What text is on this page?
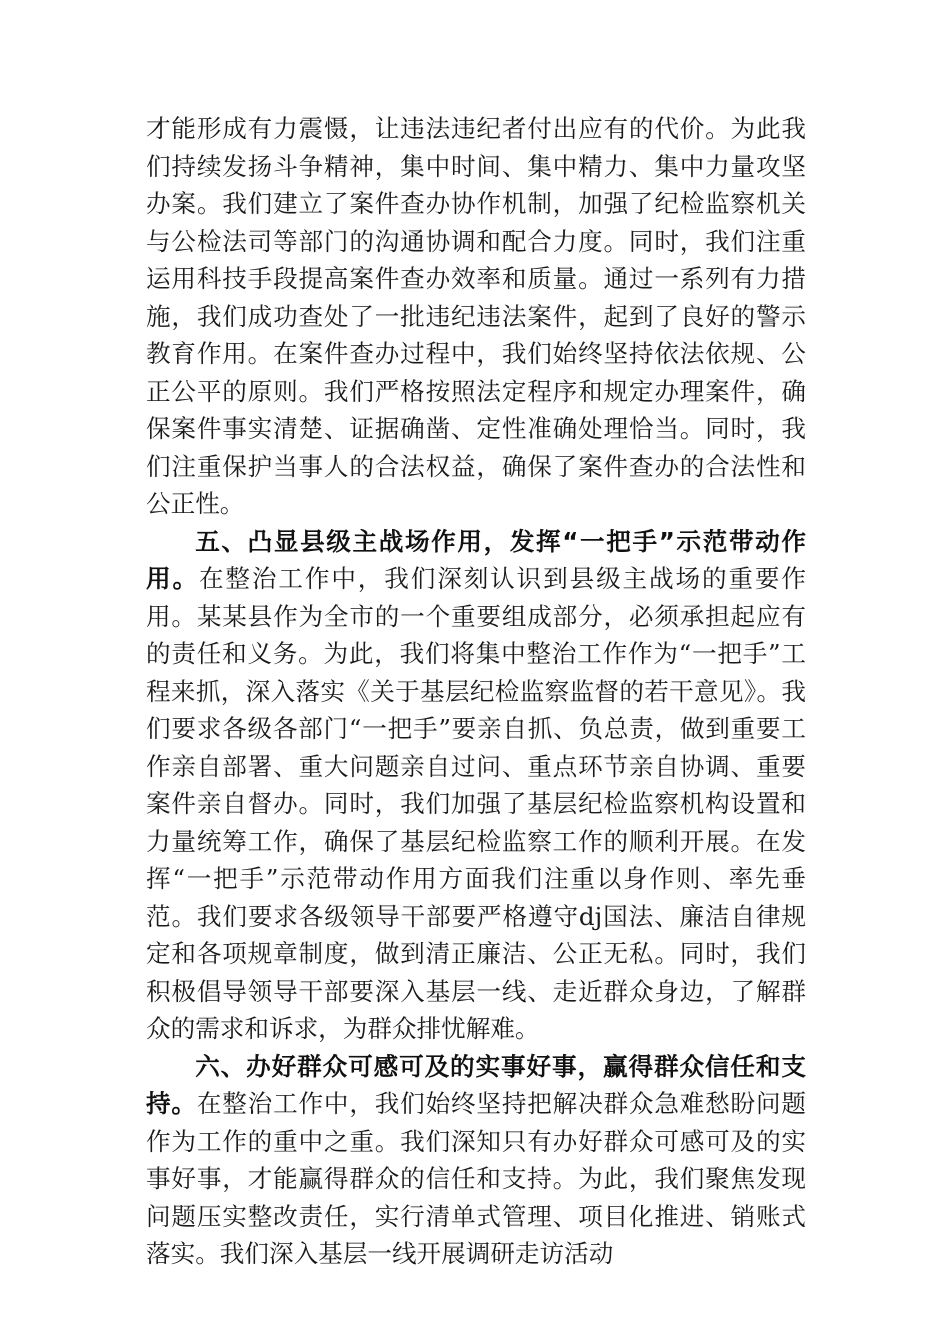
才能形成有力震慑，让违法违纪者付出应有的代价。为此我们持续发扬斗争精神，集中时间、集中精力、集中力量攻坚办案。我们建立了案件查办协作机制，加强了纪检监察机关与公检法司等部门的沟通协调和配合力度。同时，我们注重运用科技手段提高案件查办效率和质量。通过一系列有力措施，我们成功查处了一批违纪违法案件，起到了良好的警示教育作用。在案件查办过程中，我们始终坚持依法依规、公正公平的原则。我们严格按照法定程序和规定办理案件，确保案件事实清楚、证据确凿、定性准确处理恰当。同时，我们注重保护当事人的合法权益，确保了案件查办的合法性和公正性。

五、凸显县级主战场作用，发挥“一把手”示范带动作用。在整治工作中，我们深刻认识到县级主战场的重要作用。某某县作为全市的一个重要组成部分，必须承担起应有的责任和义务。为此，我们将集中整治工作作为“一把手”工程来抓，深入落实《关于基层纪检监察监督的若干意见》。我们要求各级各部门“一把手”要亲自抓、负总责，做到重要工作亲自部署、重大问题亲自过问、重点环节亲自协调、重要案件亲自督办。同时，我们加强了基层纪检监察机构设置和力量统筹工作，确保了基层纪检监察工作的顺利开展。在发挥“一把手”示范带动作用方面我们注重以身作则、率先垂范。我们要求各级领导干部要严格遵守dj国法、廉洁自律规定和各项规章制度，做到清正廉洁、公正无私。同时，我们积极倡导领导干部要深入基层一线、走近群众身边，了解群众的需求和诉求，为群众排忧解难。

六、办好群众可感可及的实事好事，赢得群众信任和支持。在整治工作中，我们始终坚持把解决群众急难愁盼问题作为工作的重中之重。我们深知只有办好群众可感可及的实事好事，才能赢得群众的信任和支持。为此，我们聚焦发现问题压实整改责任，实行清单式管理、项目化推进、销账式落实。我们深入基层一线开展调研走访活动
